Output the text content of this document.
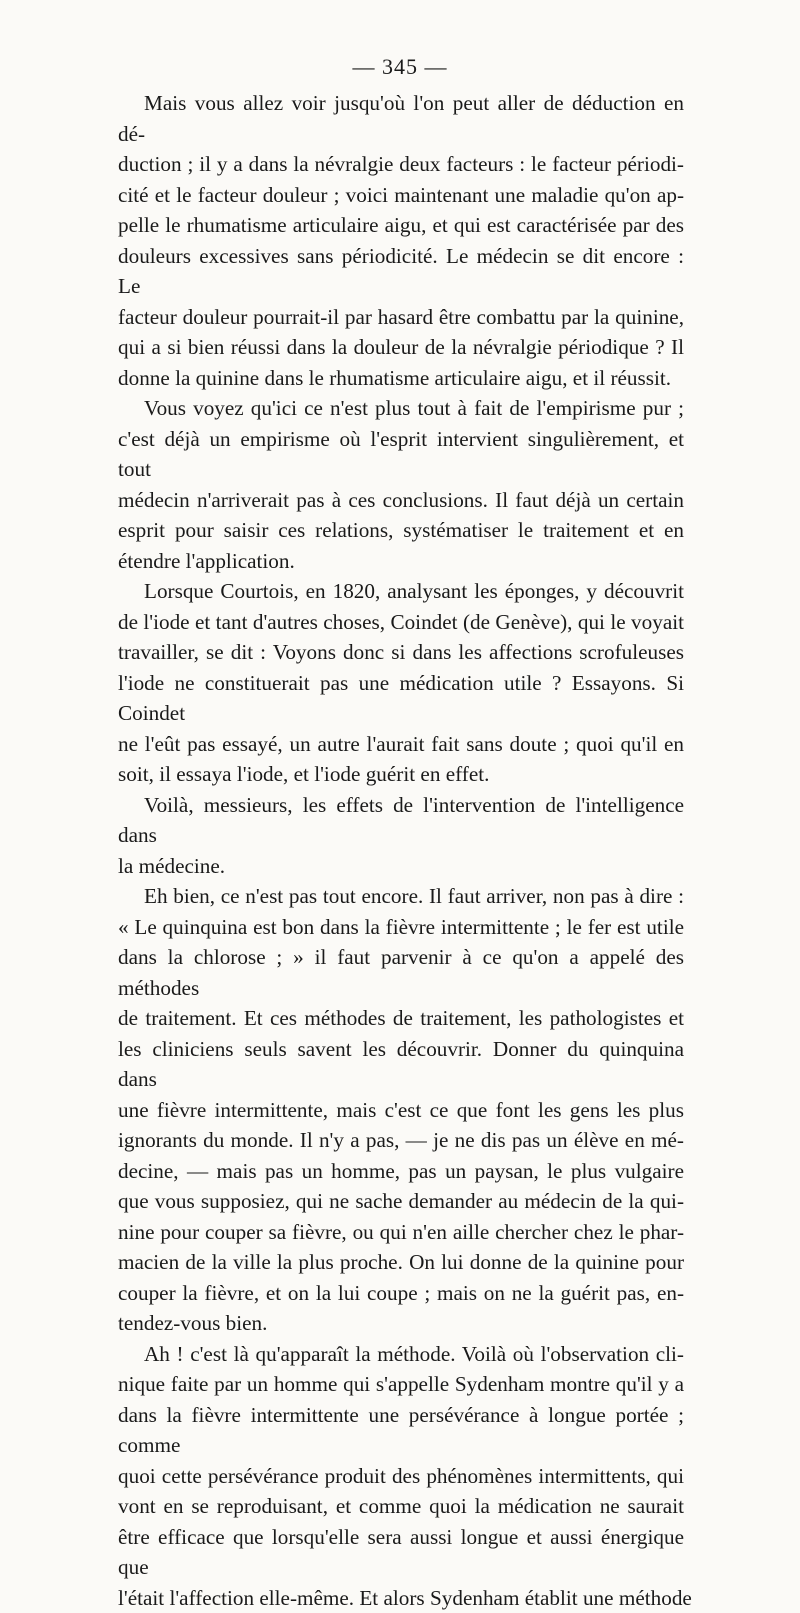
— 345 —
Mais vous allez voir jusqu'où l'on peut aller de déduction en dé-
duction ; il y a dans la névralgie deux facteurs : le facteur périodi-
cité et le facteur douleur ; voici maintenant une maladie qu'on ap-
pelle le rhumatisme articulaire aigu, et qui est caractérisée par des
douleurs excessives sans périodicité. Le médecin se dit encore : Le
facteur douleur pourrait-il par hasard être combattu par la quinine,
qui a si bien réussi dans la douleur de la névralgie périodique ? Il
donne la quinine dans le rhumatisme articulaire aigu, et il réussit.
Vous voyez qu'ici ce n'est plus tout à fait de l'empirisme pur ;
c'est déjà un empirisme où l'esprit intervient singulièrement, et tout
médecin n'arriverait pas à ces conclusions. Il faut déjà un certain
esprit pour saisir ces relations, systématiser le traitement et en
étendre l'application.
Lorsque Courtois, en 1820, analysant les éponges, y découvrit
de l'iode et tant d'autres choses, Coindet (de Genève), qui le voyait
travailler, se dit : Voyons donc si dans les affections scrofuleuses
l'iode ne constituerait pas une médication utile ? Essayons. Si Coindet
ne l'eût pas essayé, un autre l'aurait fait sans doute ; quoi qu'il en
soit, il essaya l'iode, et l'iode guérit en effet.
Voilà, messieurs, les effets de l'intervention de l'intelligence dans
la médecine.
Eh bien, ce n'est pas tout encore. Il faut arriver, non pas à dire :
« Le quinquina est bon dans la fièvre intermittente ; le fer est utile
dans la chlorose ; » il faut parvenir à ce qu'on a appelé des méthodes
de traitement. Et ces méthodes de traitement, les pathologistes et
les cliniciens seuls savent les découvrir. Donner du quinquina dans
une fièvre intermittente, mais c'est ce que font les gens les plus
ignorants du monde. Il n'y a pas, — je ne dis pas un élève en mé-
decine, — mais pas un homme, pas un paysan, le plus vulgaire
que vous supposiez, qui ne sache demander au médecin de la qui-
nine pour couper sa fièvre, ou qui n'en aille chercher chez le phar-
macien de la ville la plus proche. On lui donne de la quinine pour
couper la fièvre, et on la lui coupe ; mais on ne la guérit pas, en-
tendez-vous bien.
Ah ! c'est là qu'apparaît la méthode. Voilà où l'observation cli-
nique faite par un homme qui s'appelle Sydenham montre qu'il y a
dans la fièvre intermittente une persévérance à longue portée ; comme
quoi cette persévérance produit des phénomènes intermittents, qui
vont en se reproduisant, et comme quoi la médication ne saurait
être efficace que lorsqu'elle sera aussi longue et aussi énergique que
l'était l'affection elle-même. Et alors Sydenham établit une méthode
